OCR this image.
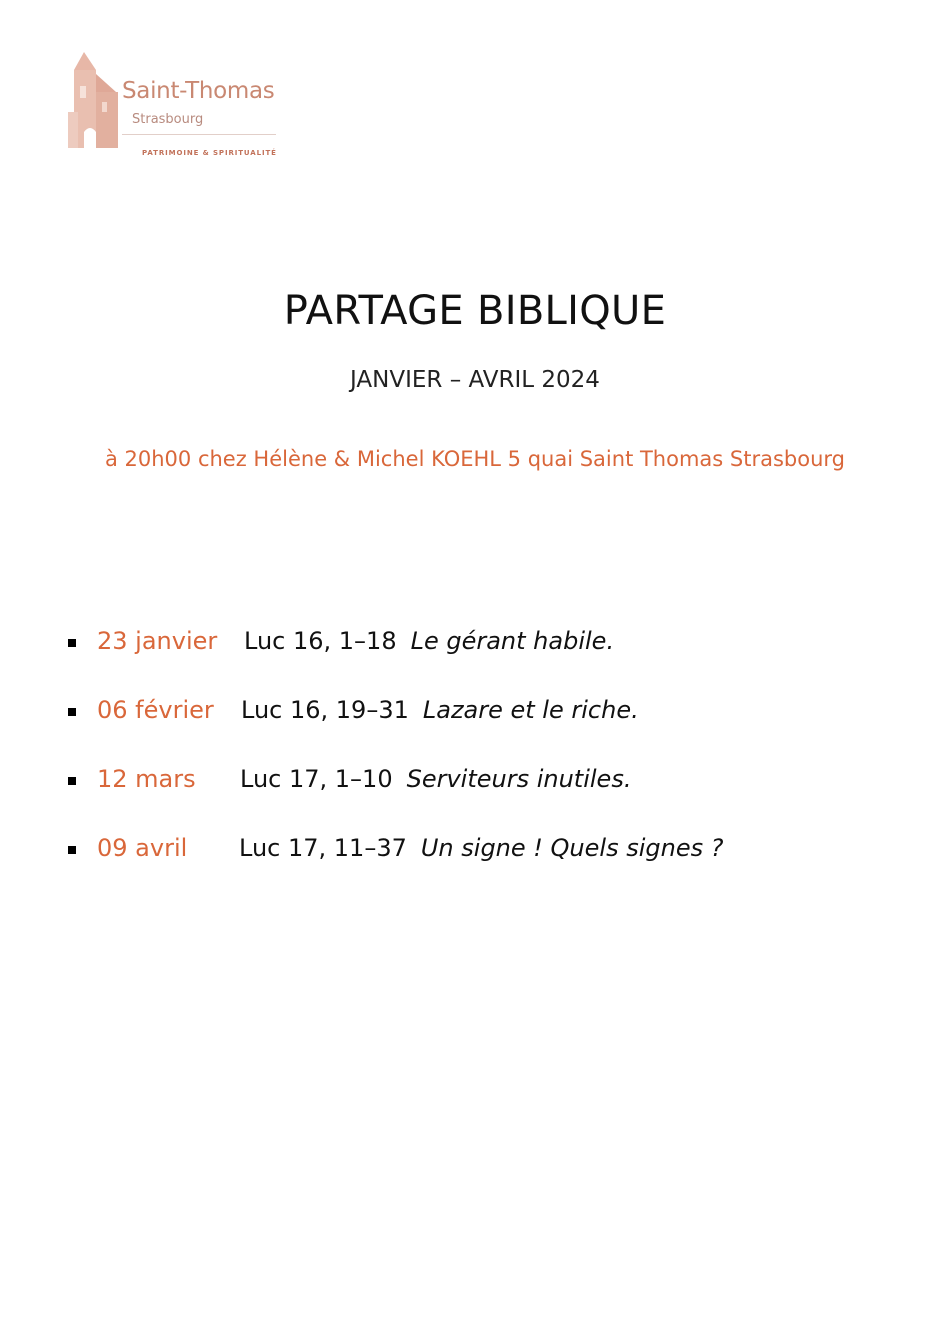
Saint-Thomas
Strasbourg
PATRIMOINE & SPIRITUALITÉ
PARTAGE BIBLIQUE
JANVIER – AVRIL 2024
à 20h00 chez Hélène & Michel KOEHL 5 quai Saint Thomas Strasbourg
23 janvier Luc 16, 1–18 Le gérant habile.
06 février Luc 16, 19–31 Lazare et le riche.
12 mars Luc 17, 1–10 Serviteurs inutiles.
09 avril Luc 17, 11–37 Un signe ! Quels signes ?
